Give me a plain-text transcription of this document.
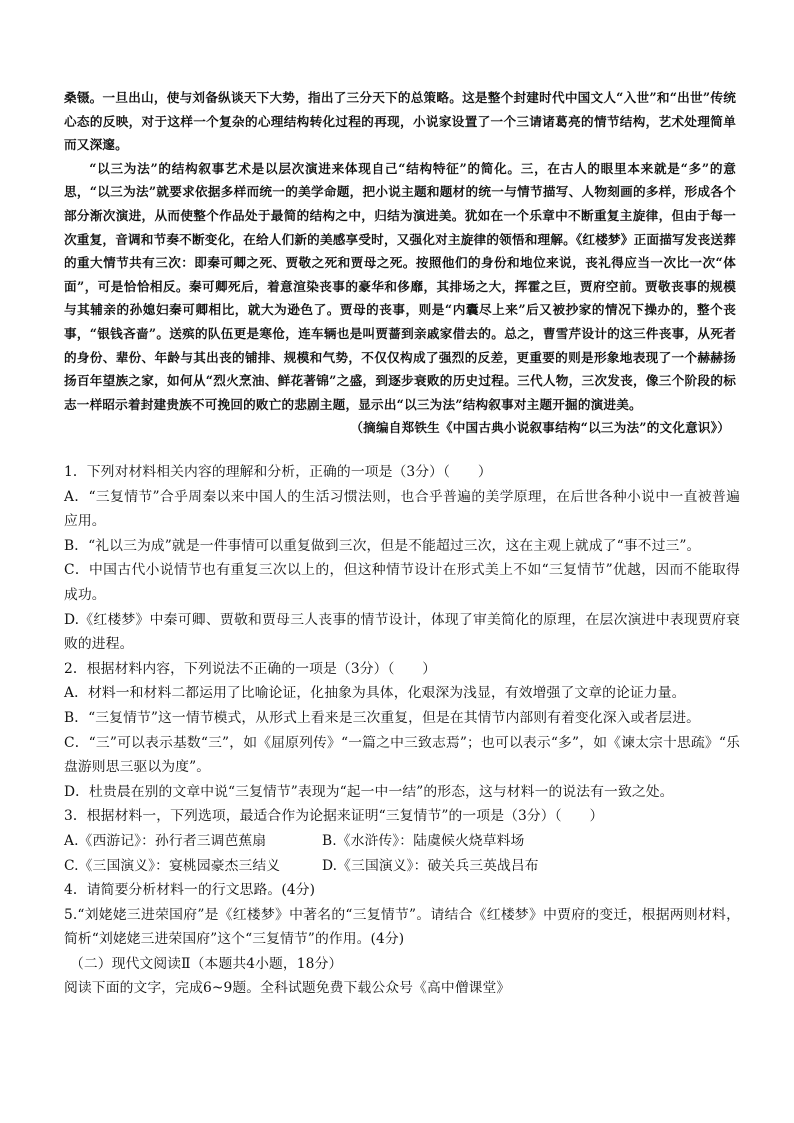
桑镊。一旦出山，使与刘备纵谈天下大势，指出了三分天下的总策略。这是整个封建时代中国文人“入世”和“出世”传统心态的反映，对于这样一个复杂的心理结构转化过程的再现，小说家设置了一个三请诸葛亮的情节结构，艺术处理简单而又深邃。

“以三为法”的结构叙事艺术是以层次演进来体现自己“结构特征”的简化。三，在古人的眼里本来就是“多”的意思，“以三为法”就要求依据多样而统一的美学命题，把小说主题和题材的统一与情节描写、人物刻画的多样，形成各个部分渐次演进，从而使整个作品处于最简的结构之中，归结为演进美。犹如在一个乐章中不断重复主旋律，但由于每一次重复，音调和节奏不断变化，在给人们新的美感享受时，又强化对主旋律的领悟和理解。《红楼梦》正面描写发丧送葬的重大情节共有三次：即秦可卿之死、贾敬之死和贾母之死。按照他们的身份和地位来说，丧礼得应当一次比一次“体面”，可是恰恰相反。秦可卿死后，着意渲染丧事的豪华和侈靡，其排场之大，挥霍之巨，贾府空前。贾敬丧事的规模与其辅亲的孙媳妇秦可卿相比，就大为逊色了。贾母的丧事，则是“内囊尽上来”后又被抄家的情况下操办的，整个丧事，“银钱吝啬”。送殡的队伍更是寒伧，连车辆也是叫贾蔷到亲戚家借去的。总之，曹雪芹设计的这三件丧事，从死者的身份、辈份、年龄与其出丧的铺排、规模和气势，不仅仅构成了强烈的反差，更重要的则是形象地表现了一个赫赫扬扬百年望族之家，如何从“烈火烹油、鲜花著锦”之盛，到逐步衰败的历史过程。三代人物，三次发丧，像三个阶段的标志一样昭示着封建贵族不可挽回的败亡的悲剧主题，显示出“以三为法”结构叙事对主题开掘的演进美。

（摘编自郑铁生《中国古典小说叙事结构“以三为法”的文化意识》）

1．下列对材料相关内容的理解和分析，正确的一项是（3分）（　　）

A．“三复情节”合乎周秦以来中国人的生活习惯法则，也合乎普遍的美学原理，在后世各种小说中一直被普遍应用。

B．“礼以三为成”就是一件事情可以重复做到三次，但是不能超过三次，这在主观上就成了“事不过三”。

C．中国古代小说情节也有重复三次以上的，但这种情节设计在形式美上不如“三复情节”优越，因而不能取得成功。

D.《红楼梦》中秦可卿、贾敬和贾母三人丧事的情节设计，体现了审美简化的原理，在层次演进中表现贾府衰败的进程。

2．根据材料内容，下列说法不正确的一项是（3分）（　　）

A．材料一和材料二都运用了比喻论证，化抽象为具体，化艰深为浅显，有效增强了文章的论证力量。

B．“三复情节”这一情节模式，从形式上看来是三次重复，但是在其情节内部则有着变化深入或者层进。

C．“三”可以表示基数“三”，如《屈原列传》“一篇之中三致志焉”；也可以表示“多”，如《谏太宗十思疏》“乐盘游则思三驱以为度”。

D．杜贵晨在别的文章中说“三复情节”表现为“起一中一结”的形态，这与材料一的说法有一致之处。

3．根据材料一，下列选项，最适合作为论据来证明“三复情节”的一项是（3分）（　　）

A.《西游记》：孙行者三调芭蕉扇	B.《水浒传》：陆虞候火烧草料场
C.《三国演义》：宴桃园豪杰三结义	D.《三国演义》：破关兵三英战吕布

4．请简要分析材料一的行文思路。(4分)

5.“刘姥姥三进荣国府”是《红楼梦》中著名的“三复情节”。请结合《红楼梦》中贾府的变迁，根据两则材料，简析“刘姥姥三进荣国府”这个“三复情节”的作用。(4分)

（二）现代文阅读Ⅱ（本题共4小题，18分）

阅读下面的文字，完成6~9题。全科试题免费下载公众号《高中僧课堂》
